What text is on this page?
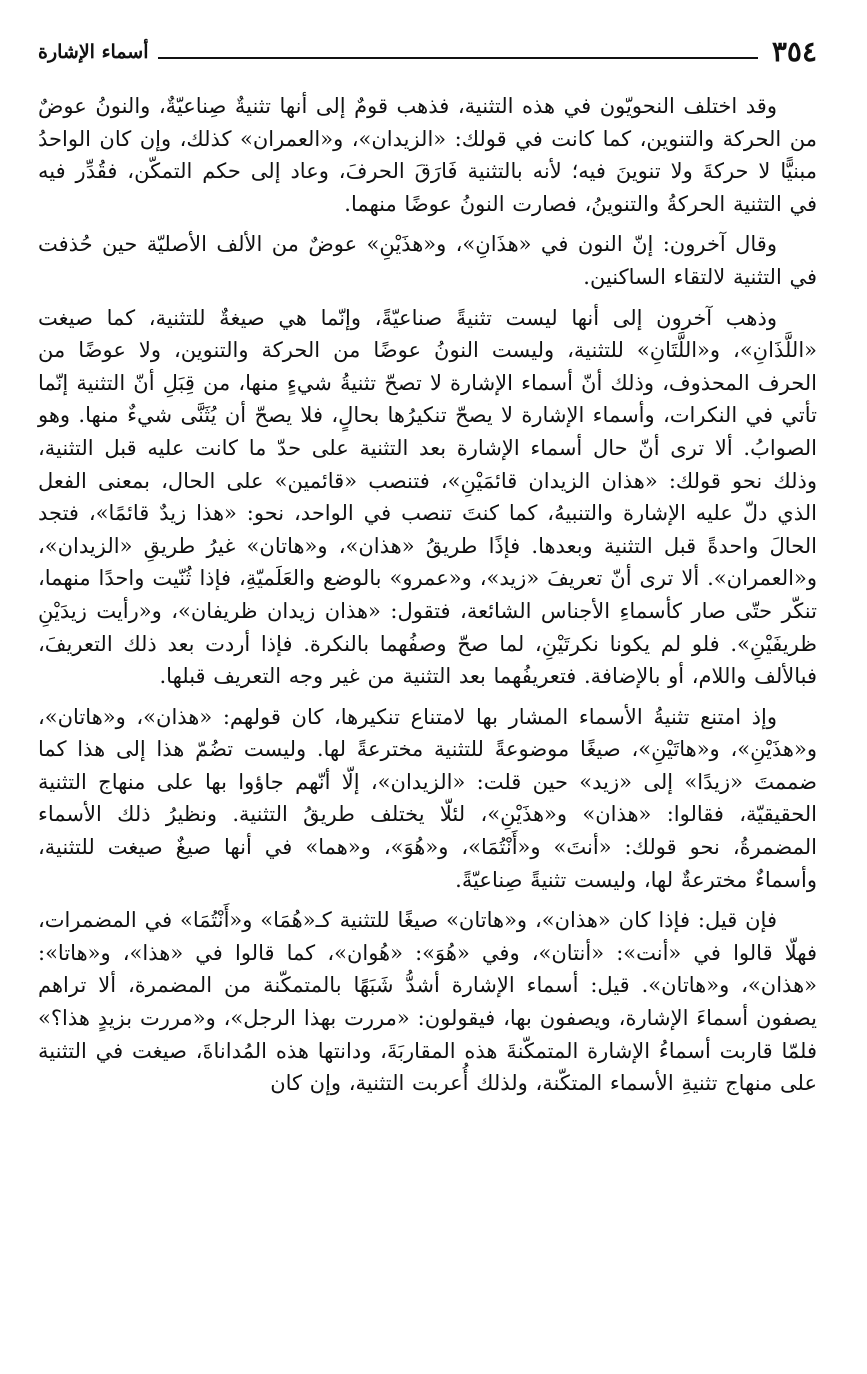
٣٥٤
أسماء الإشارة

وقد اختلف النحويّون في هذه التثنية، فذهب قومٌ إلى أنها تثنيةٌ صِناعيّةٌ، والنونُ عوضٌ من الحركة والتنوين، كما كانت في قولك: «الزيدان»، و«العمران» كذلك، وإن كان الواحدُ مبنيًّا لا حركةَ ولا تنوينَ فيه؛ لأنه بالتثنية فَارَقَ الحرفَ، وعاد إلى حكم التمكّن، فقُدِّر فيه في التثنية الحركةُ والتنوينُ، فصارت النونُ عوضًا منهما.

وقال آخرون: إنّ النون في «هذَانِ»، و«هذَيْنِ» عوضٌ من الألف الأصليّة حين حُذفت في التثنية لالتقاء الساكنين.

وذهب آخرون إلى أنها ليست تثنيةً صناعيّةً، وإنّما هي صيغةٌ للتثنية، كما صيغت «اللَّذَانِ»، و«اللَّتَانِ» للتثنية، وليست النونُ عوضًا من الحركة والتنوين، ولا عوضًا من الحرف المحذوف، وذلك أنّ أسماء الإشارة لا تصحّ تثنيةُ شيءٍ منها، من قِبَلِ أنّ التثنية إنّما تأتي في النكرات، وأسماء الإشارة لا يصحّ تنكيرُها بحالٍ، فلا يصحّ أن يُثَنَّى شيءٌ منها. وهو الصوابُ. ألا ترى أنّ حال أسماء الإشارة بعد التثنية على حدّ ما كانت عليه قبل التثنية، وذلك نحو قولك: «هذان الزيدان قائمَيْنِ»، فتنصب «قائمين» على الحال، بمعنى الفعل الذي دلّ عليه الإشارة والتنبيهُ، كما كنتَ تنصب في الواحد، نحو: «هذا زيدٌ قائمًا»، فتجد الحالَ واحدةً قبل التثنية وبعدها. فإذًا طريقُ «هذان»، و«هاتان» غيرُ طريقِ «الزيدان»، و«العمران». ألا ترى أنّ تعريفَ «زيد»، و«عمرو» بالوضع والعَلَميّةِ، فإذا ثُنّيت واحدًا منهما، تنكّر حتّى صار كأسماءِ الأجناس الشائعة، فتقول: «هذان زيدان ظريفان»، و«رأيت زيدَيْنِ ظريفَيْنِ». فلو لم يكونا نكرتَيْنِ، لما صحّ وصفُهما بالنكرة. فإذا أردت بعد ذلك التعريفَ، فبالألف واللام، أو بالإضافة. فتعريفُهما بعد التثنية من غير وجه التعريف قبلها.

وإذ امتنع تثنيةُ الأسماء المشار بها لامتناع تنكيرها، كان قولهم: «هذان»، و«هاتان»، و«هذَيْنِ»، و«هاتَيْنِ»، صيغًا موضوعةً للتثنية مخترعةً لها. وليست تضُمّ هذا إلى هذا كما ضممتَ «زيدًا» إلى «زيد» حين قلت: «الزيدان»، إلّا أنّهم جاؤوا بها على منهاج التثنية الحقيقيّة، فقالوا: «هذان» و«هذَيْنِ»، لئلّا يختلف طريقُ التثنية. ونظيرُ ذلك الأسماء المضمرةُ، نحو قولك: «أنتَ» و«أَنْتُمَا»، و«هُوَ»، و«هما» في أنها صيغٌ صيغت للتثنية، وأسماءٌ مخترعةٌ لها، وليست تثنيةً صِناعيّةً.

فإن قيل: فإذا كان «هذان»، و«هاتان» صيغًا للتثنية كـ«هُمَا» و«أَنْتُمَا» في المضمرات، فهلّا قالوا في «أنت»: «أنتان»، وفي «هُوَ»: «هُوان»، كما قالوا في «هذا»، و«هاتا»: «هذان»، و«هاتان». قيل: أسماء الإشارة أشدُّ شَبَهًا بالمتمكّنة من المضمرة، ألا تراهم يصفون أسماءَ الإشارة، ويصفون بها، فيقولون: «مررت بهذا الرجل»، و«مررت بزيدٍ هذا؟» فلمّا قاربت أسماءُ الإشارة المتمكّنةَ هذه المقاربَةَ، ودانتها هذه المُداناةَ، صيغت في التثنية على منهاج تثنيةِ الأسماء المتكّنة، ولذلك أُعربت التثنية، وإن كان
